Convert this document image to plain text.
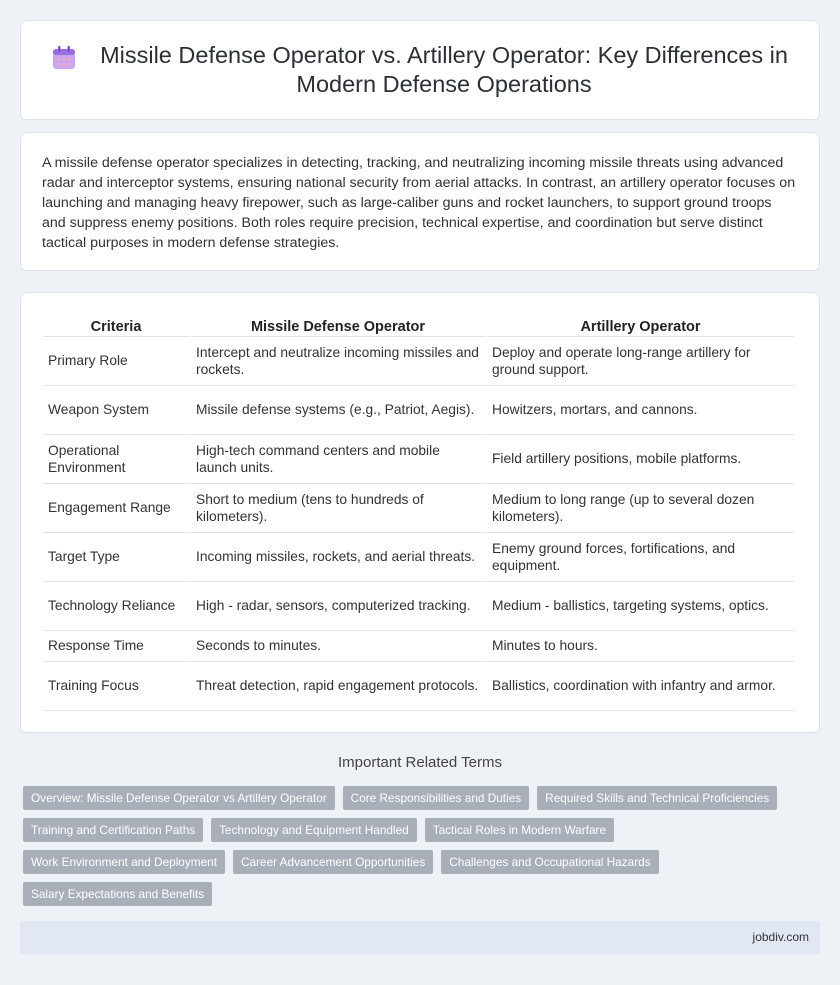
Missile Defense Operator vs. Artillery Operator: Key Differences in Modern Defense Operations

A missile defense operator specializes in detecting, tracking, and neutralizing incoming missile threats using advanced radar and interceptor systems, ensuring national security from aerial attacks. In contrast, an artillery operator focuses on launching and managing heavy firepower, such as large-caliber guns and rocket launchers, to support ground troops and suppress enemy positions. Both roles require precision, technical expertise, and coordination but serve distinct tactical purposes in modern defense strategies.

Criteria	Missile Defense Operator	Artillery Operator
Primary Role	Intercept and neutralize incoming missiles and rockets.	Deploy and operate long-range artillery for ground support.
Weapon System	Missile defense systems (e.g., Patriot, Aegis).	Howitzers, mortars, and cannons.
Operational Environment	High-tech command centers and mobile launch units.	Field artillery positions, mobile platforms.
Engagement Range	Short to medium (tens to hundreds of kilometers).	Medium to long range (up to several dozen kilometers).
Target Type	Incoming missiles, rockets, and aerial threats.	Enemy ground forces, fortifications, and equipment.
Technology Reliance	High - radar, sensors, computerized tracking.	Medium - ballistics, targeting systems, optics.
Response Time	Seconds to minutes.	Minutes to hours.
Training Focus	Threat detection, rapid engagement protocols.	Ballistics, coordination with infantry and armor.
Important Related Terms
Overview: Missile Defense Operator vs Artillery Operator	Core Responsibilities and Duties	Required Skills and Technical Proficiencies
Training and Certification Paths	Technology and Equipment Handled	Tactical Roles in Modern Warfare
Work Environment and Deployment	Career Advancement Opportunities	Challenges and Occupational Hazards
Salary Expectations and Benefits
jobdiv.com
